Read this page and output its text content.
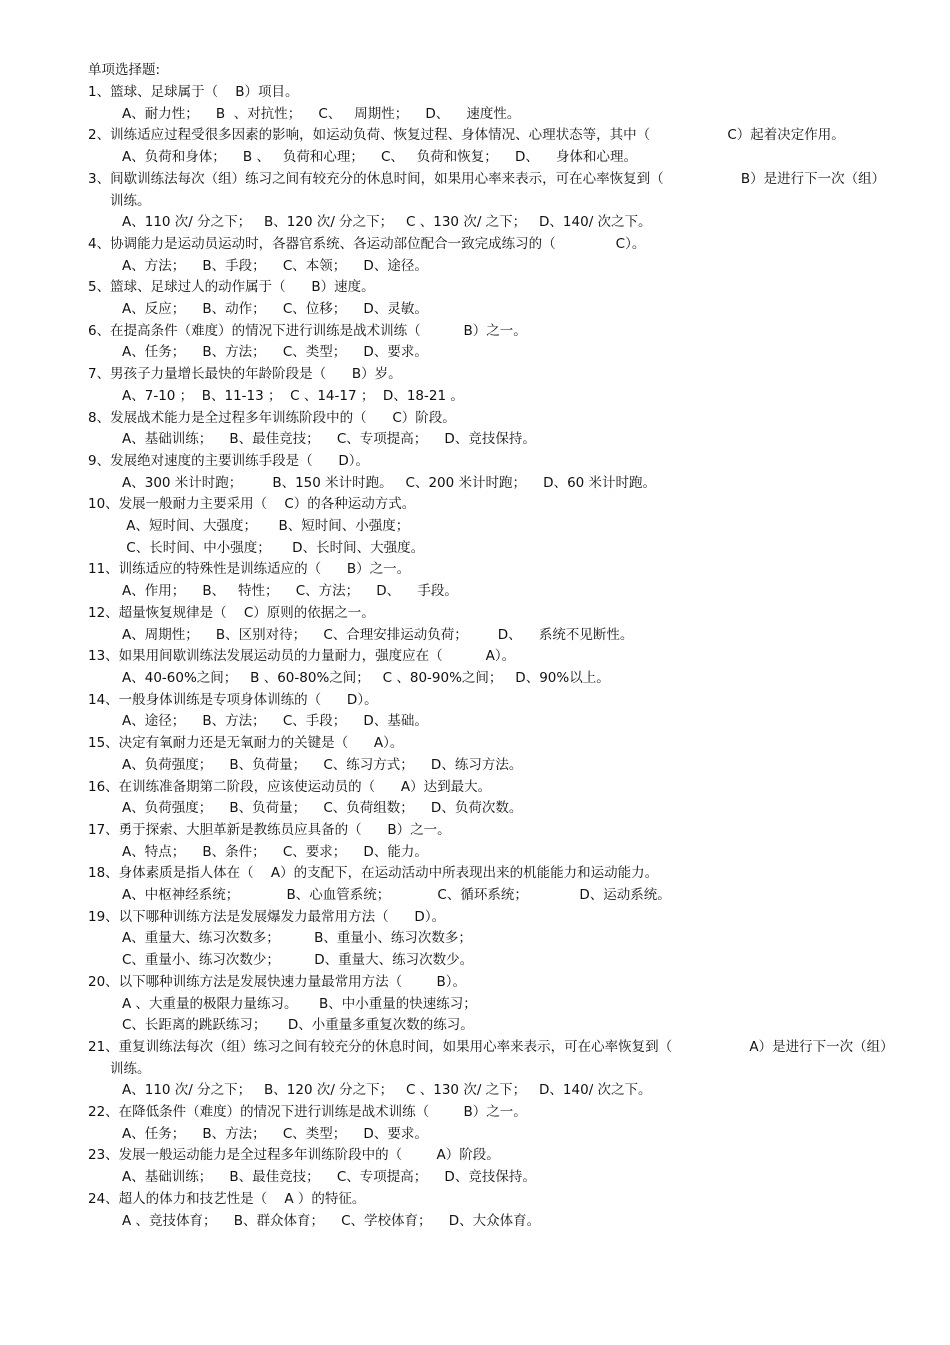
单项选择题:
1、篮球、足球属于（    B）项目。
A、耐力性；    B  、对抗性；    C、   周期性；    D、    速度性。
2、训练适应过程受很多因素的影响，如运动负荷、恢复过程、身体情况、心理状态等，其中（                  C）起着决定作用。
A、负荷和身体；    B 、   负荷和心理；    C、   负荷和恢复；    D、    身体和心理。
3、间歇训练法每次（组）练习之间有较充分的休息时间，如果用心率来表示，可在心率恢复到（                  B）是进行下一次（组）训练。
A、110 次/ 分之下；   B、120 次/ 分之下；   C 、130 次/ 之下；   D、140/ 次之下。
4、协调能力是运动员运动时，各器官系统、各运动部位配合一致完成练习的（              C）。
A、方法；    B、手段；    C、本领；    D、途径。
5、篮球、足球过人的动作属于（      B）速度。
A、反应；    B、动作；    C、位移；    D、灵敏。
6、在提高条件（难度）的情况下进行训练是战术训练（          B）之一。
A、任务；    B、方法；    C、类型；    D、要求。
7、男孩子力量增长最快的年龄阶段是（      B）岁。
A、7-10 ；  B、11-13 ；  C 、14-17 ；  D、18-21 。
8、发展战术能力是全过程多年训练阶段中的（      C）阶段。
A、基础训练；    B、最佳竞技；    C、专项提高；    D、竞技保持。
9、发展绝对速度的主要训练手段是（      D）。
A、300 米计时跑；       B、150 米计时跑。   C、200 米计时跑；    D、60 米计时跑。
10、发展一般耐力主要采用（    C）的各种运动方式。
A、短时间、大强度；     B、短时间、小强度；
C、长时间、中小强度；     D、长时间、大强度。
11、训练适应的特殊性是训练适应的（      B）之一。
A、作用；    B、   特性；    C、方法；    D、    手段。
12、超量恢复规律是（    C）原则的依据之一。
A、周期性；    B、区别对待；    C、合理安排运动负荷；       D、    系统不见断性。
13、如果用间歇训练法发展运动员的力量耐力，强度应在（          A）。
A、40-60%之间；   B 、60-80%之间；   C 、80-90%之间；   D、90%以上。
14、一般身体训练是专项身体训练的（      D）。
A、途径；    B、方法；    C、手段；    D、基础。
15、决定有氧耐力还是无氧耐力的关键是（      A）。
A、负荷强度；    B、负荷量；    C、练习方式；    D、练习方法。
16、在训练准备期第二阶段，应该使运动员的（      A）达到最大。
A、负荷强度；    B、负荷量；    C、负荷组数；    D、负荷次数。
17、勇于探索、大胆革新是教练员应具备的（      B）之一。
A、特点；    B、条件；    C、要求；    D、能力。
18、身体素质是指人体在（    A）的支配下，在运动活动中所表现出来的机能能力和运动能力。
A、中枢神经系统；           B、心血管系统；           C、循环系统；            D、运动系统。
19、以下哪种训练方法是发展爆发力最常用方法（      D）。
A、重量大、练习次数多；        B、重量小、练习次数多；
C、重量小、练习次数少；        D、重量大、练习次数少。
20、以下哪种训练方法是发展快速力量最常用方法（        B）。
A 、大重量的极限力量练习。     B、中小重量的快速练习；
C、长距离的跳跃练习；     D、小重量多重复次数的练习。
21、重复训练法每次（组）练习之间有较充分的休息时间，如果用心率来表示，可在心率恢复到（                  A）是进行下一次（组）训练。
A、110 次/ 分之下；   B、120 次/ 分之下；   C 、130 次/ 之下；   D、140/ 次之下。
22、在降低条件（难度）的情况下进行训练是战术训练（        B）之一。
A、任务；    B、方法；    C、类型；    D、要求。
23、发展一般运动能力是全过程多年训练阶段中的（        A）阶段。
A、基础训练；    B、最佳竞技；    C、专项提高；    D、竞技保持。
24、超人的体力和技艺性是（    A ）的特征。
A 、竞技体育；    B、群众体育；    C、学校体育；    D、大众体育。
